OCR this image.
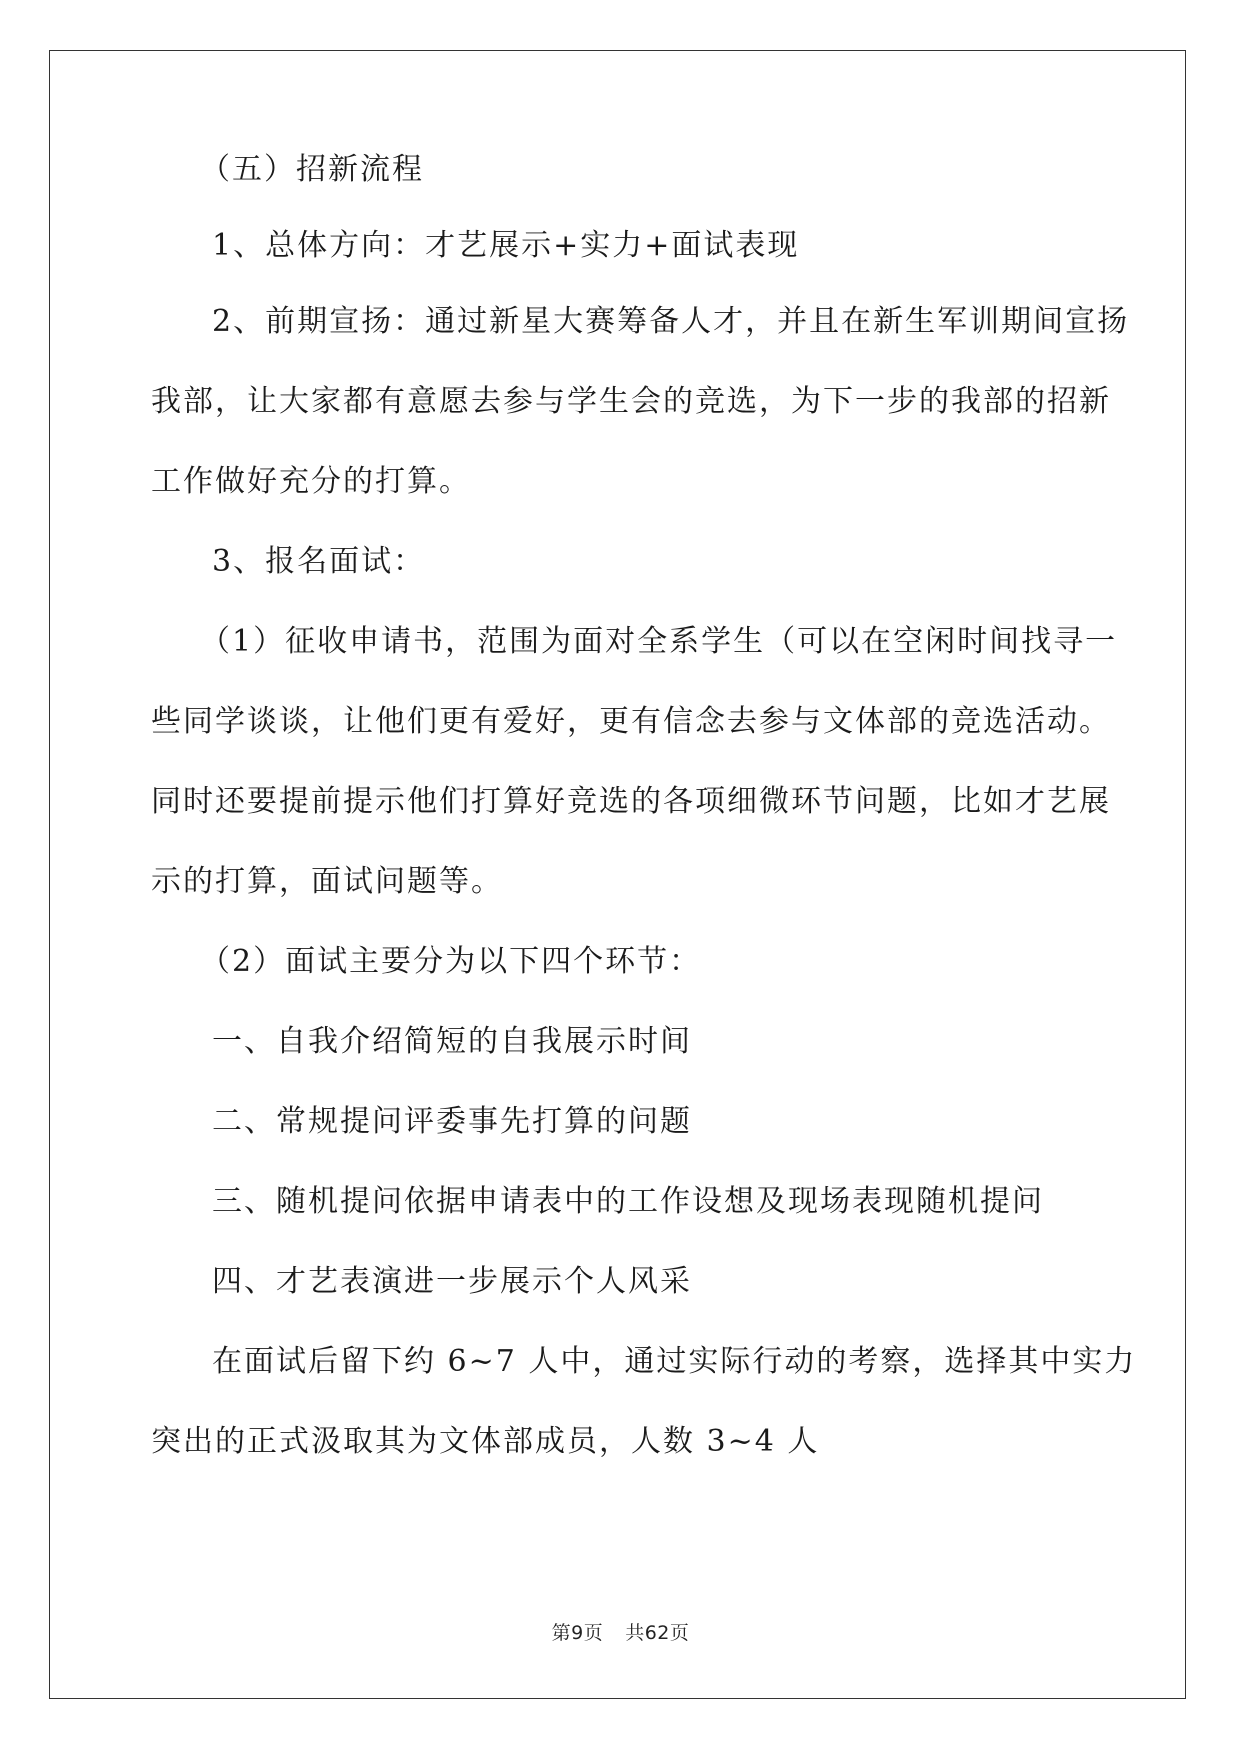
（五）招新流程
1、总体方向：才艺展示+实力+面试表现
2、前期宣扬：通过新星大赛筹备人才，并且在新生军训期间宣扬
我部，让大家都有意愿去参与学生会的竞选，为下一步的我部的招新
工作做好充分的打算。
3、报名面试：
（1）征收申请书，范围为面对全系学生（可以在空闲时间找寻一
些同学谈谈，让他们更有爱好，更有信念去参与文体部的竞选活动。
同时还要提前提示他们打算好竞选的各项细微环节问题，比如才艺展
示的打算，面试问题等。
（2）面试主要分为以下四个环节：
一、自我介绍简短的自我展示时间
二、常规提问评委事先打算的问题
三、随机提问依据申请表中的工作设想及现场表现随机提问
四、才艺表演进一步展示个人风采
在面试后留下约 6~7 人中，通过实际行动的考察，选择其中实力
突出的正式汲取其为文体部成员，人数 3~4 人
第9页 共62页
